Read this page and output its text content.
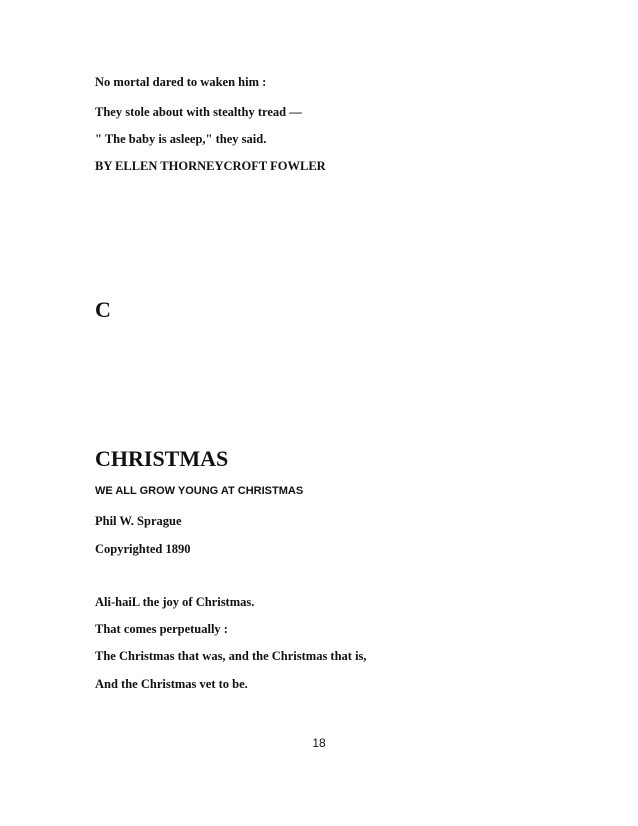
No mortal dared to waken him :

They stole about with stealthy tread —

" The baby is asleep," they said.

BY ELLEN THORNEYCROFT FOWLER

C

CHRISTMAS

WE ALL GROW YOUNG AT CHRISTMAS

Phil W. Sprague

Copyrighted 1890

Ali-haiL the joy of Christmas.

That comes perpetually :

The Christmas that was, and the Christmas that is,

And the Christmas vet to be.

18
